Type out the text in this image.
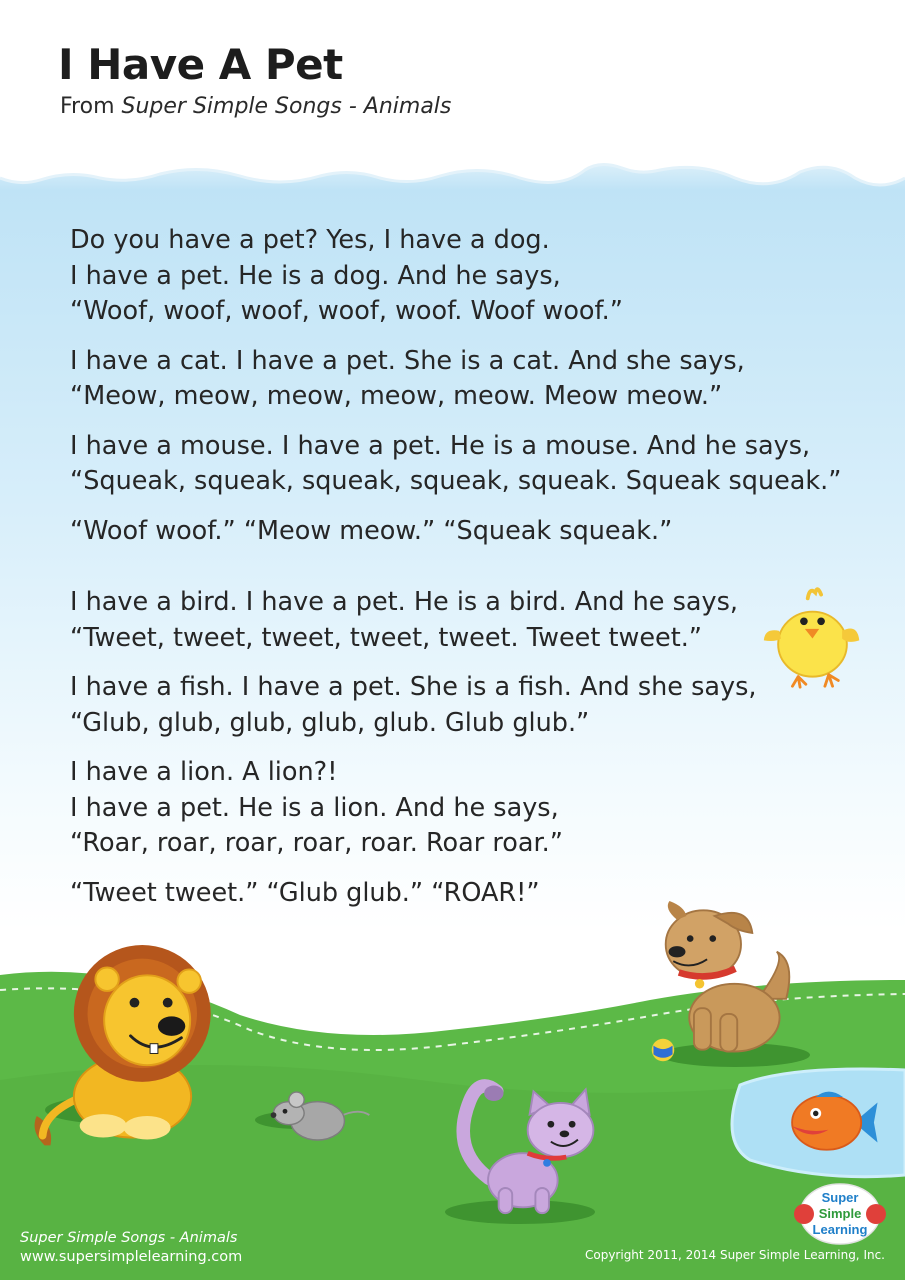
I Have A Pet
From Super Simple Songs - Animals

Do you have a pet? Yes, I have a dog.
I have a pet. He is a dog. And he says,
“Woof, woof, woof, woof, woof. Woof woof.”

I have a cat. I have a pet. She is a cat. And she says,
“Meow, meow, meow, meow, meow. Meow meow.”

I have a mouse. I have a pet. He is a mouse. And he says,
“Squeak, squeak, squeak, squeak, squeak. Squeak squeak.”

“Woof woof.” “Meow meow.” “Squeak squeak.”

I have a bird. I have a pet. He is a bird. And he says,
“Tweet, tweet, tweet, tweet, tweet. Tweet tweet.”

I have a fish. I have a pet. She is a fish. And she says,
“Glub, glub, glub, glub, glub. Glub glub.”

I have a lion. A lion?!
I have a pet. He is a lion. And he says,
“Roar, roar, roar, roar, roar. Roar roar.”

“Tweet tweet.” “Glub glub.” “ROAR!”

Super
Simple
Learning
Super Simple Songs - Animals
www.supersimplelearning.com	Copyright 2011, 2014 Super Simple Learning, Inc.
